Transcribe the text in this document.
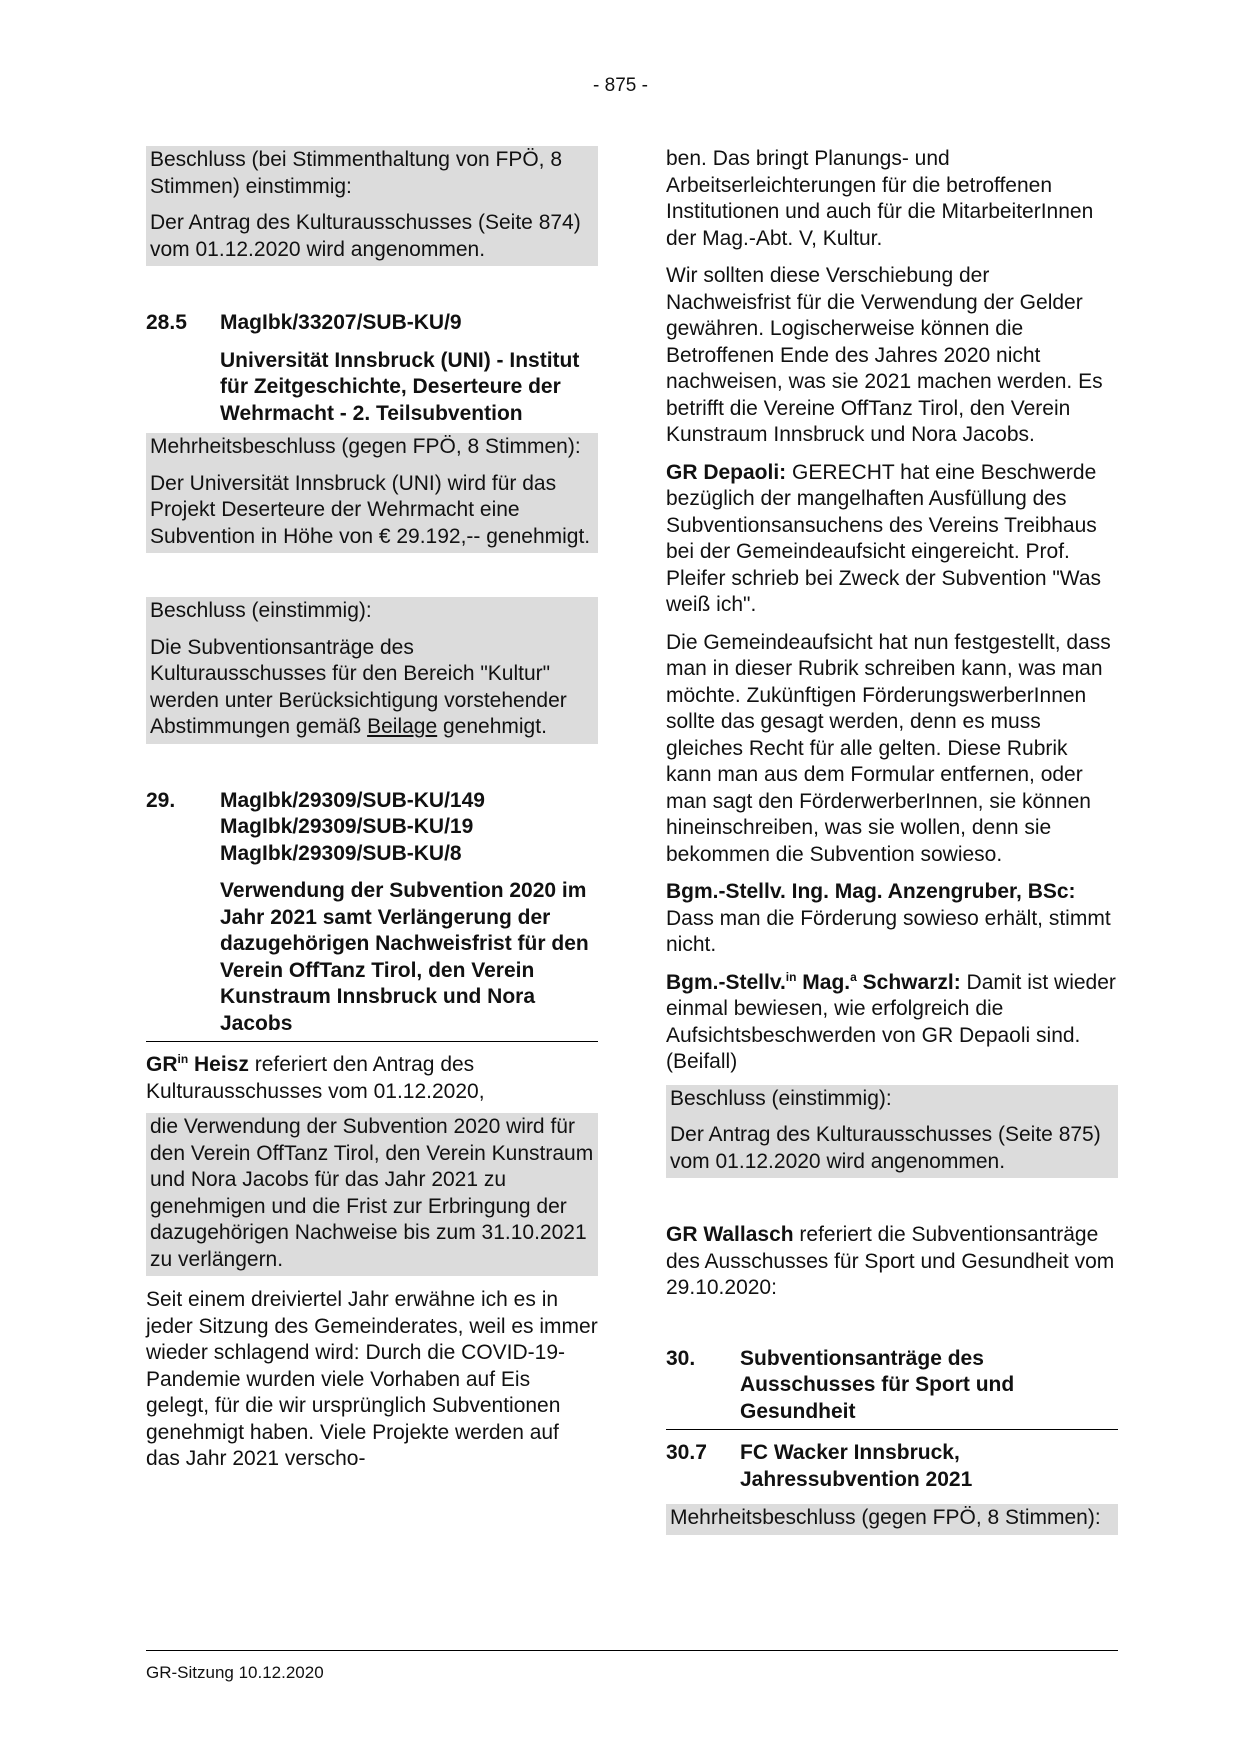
- 875 -

Beschluss (bei Stimmenthaltung von FPÖ, 8 Stimmen) einstimmig:

Der Antrag des Kulturausschusses (Seite 874) vom 01.12.2020 wird angenommen.

28.5	MagIbk/33207/SUB-KU/9

Universität Innsbruck (UNI) - Institut für Zeitgeschichte, Deserteure der Wehrmacht - 2. Teilsubvention

Mehrheitsbeschluss (gegen FPÖ, 8 Stimmen):

Der Universität Innsbruck (UNI) wird für das Projekt Deserteure der Wehrmacht eine Subvention in Höhe von € 29.192,-- genehmigt.

Beschluss (einstimmig):

Die Subventionsanträge des Kulturausschusses für den Bereich "Kultur" werden unter Berücksichtigung vorstehender Abstimmungen gemäß Beilage genehmigt.

29.	MagIbk/29309/SUB-KU/149
MagIbk/29309/SUB-KU/19
MagIbk/29309/SUB-KU/8

Verwendung der Subvention 2020 im Jahr 2021 samt Verlängerung der dazugehörigen Nachweisfrist für den Verein OffTanz Tirol, den Verein Kunstraum Innsbruck und Nora Jacobs

$GR^{in}$ Heisz referiert den Antrag des Kulturausschusses vom 01.12.2020,

die Verwendung der Subvention 2020 wird für den Verein OffTanz Tirol, den Verein Kunstraum und Nora Jacobs für das Jahr 2021 zu genehmigen und die Frist zur Erbringung der dazugehörigen Nachweise bis zum 31.10.2021 zu verlängern.

Seit einem dreiviertel Jahr erwähne ich es in jeder Sitzung des Gemeinderates, weil es immer wieder schlagend wird: Durch die COVID-19-Pandemie wurden viele Vorhaben auf Eis gelegt, für die wir ursprünglich Subventionen genehmigt haben. Viele Projekte werden auf das Jahr 2021 verscho-

ben. Das bringt Planungs- und Arbeitserleichterungen für die betroffenen Institutionen und auch für die MitarbeiterInnen der Mag.-Abt. V, Kultur.

Wir sollten diese Verschiebung der Nachweisfrist für die Verwendung der Gelder gewähren. Logischerweise können die Betroffenen Ende des Jahres 2020 nicht nachweisen, was sie 2021 machen werden. Es betrifft die Vereine OffTanz Tirol, den Verein Kunstraum Innsbruck und Nora Jacobs.

GR Depaoli: GERECHT hat eine Beschwerde bezüglich der mangelhaften Ausfüllung des Subventionsansuchens des Vereins Treibhaus bei der Gemeindeaufsicht eingereicht. Prof. Pleifer schrieb bei Zweck der Subvention "Was weiß ich".

Die Gemeindeaufsicht hat nun festgestellt, dass man in dieser Rubrik schreiben kann, was man möchte. Zukünftigen FörderungswerberInnen sollte das gesagt werden, denn es muss gleiches Recht für alle gelten. Diese Rubrik kann man aus dem Formular entfernen, oder man sagt den FörderwerberInnen, sie können hineinschreiben, was sie wollen, denn sie bekommen die Subvention sowieso.

Bgm.-Stellv. Ing. Mag. Anzengruber, BSc: Dass man die Förderung sowieso erhält, stimmt nicht.

Bgm.-Stellv.$^{in}$ Mag.$^a$ Schwarzl: Damit ist wieder einmal bewiesen, wie erfolgreich die Aufsichtsbeschwerden von GR Depaoli sind. (Beifall)

Beschluss (einstimmig):

Der Antrag des Kulturausschusses (Seite 875) vom 01.12.2020 wird angenommen.

GR Wallasch referiert die Subventionsanträge des Ausschusses für Sport und Gesundheit vom 29.10.2020:

30.	Subventionsanträge des Ausschusses für Sport und Gesundheit
30.7	FC Wacker Innsbruck, Jahressubvention 2021

Mehrheitsbeschluss (gegen FPÖ, 8 Stimmen):

GR-Sitzung 10.12.2020
